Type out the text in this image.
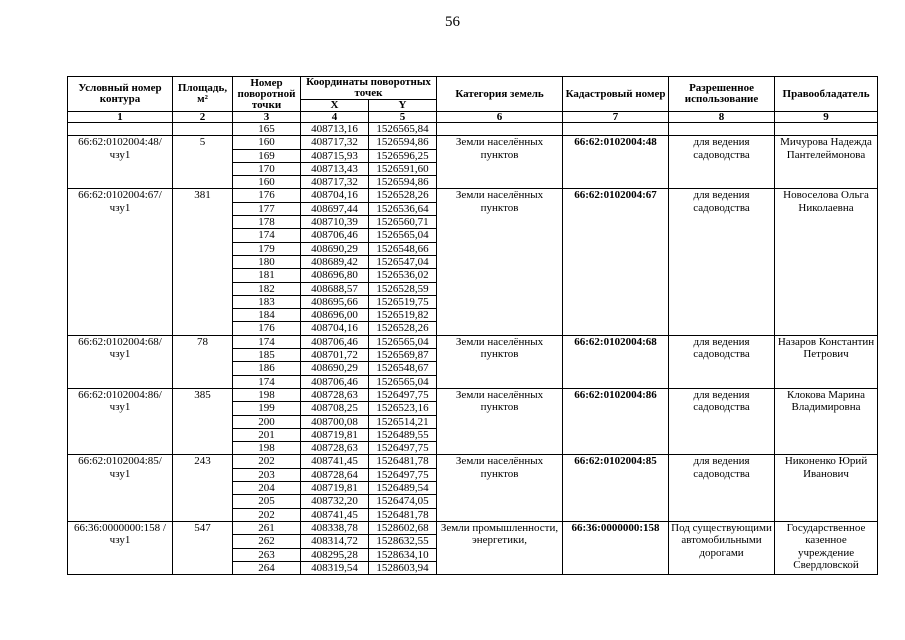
56
Условный номер контура	Площадь, м²	Номер поворотной точки	Координаты поворотных точек		Категория земель	Кадастровый номер	Разрешенное использование	Правообладатель
			X	Y				
1	2	3	4	5	6	7	8	9
		165	408713,16	1526565,84				
66:62:0102004:48/ чзу1	5	160	408717,32	1526594,86	Земли населённых пунктов	66:62:0102004:48	для ведения садоводства	Мичурова Надежда Пантелеймонова
		169	408715,93	1526596,25				
		170	408713,43	1526591,60				
		160	408717,32	1526594,86				
66:62:0102004:67/ чзу1	381	176	408704,16	1526528,26	Земли населённых пунктов	66:62:0102004:67	для ведения садоводства	Новоселова Ольга Николаевна
		177	408697,44	1526536,64				
		178	408710,39	1526560,71				
		174	408706,46	1526565,04				
		179	408690,29	1526548,66				
		180	408689,42	1526547,04				
		181	408696,80	1526536,02				
		182	408688,57	1526528,59				
		183	408695,66	1526519,75				
		184	408696,00	1526519,82				
		176	408704,16	1526528,26				
66:62:0102004:68/ чзу1	78	174	408706,46	1526565,04	Земли населённых пунктов	66:62:0102004:68	для ведения садоводства	Назаров Константин Петрович
		185	408701,72	1526569,87				
		186	408690,29	1526548,67				
		174	408706,46	1526565,04				
66:62:0102004:86/ чзу1	385	198	408728,63	1526497,75	Земли населённых пунктов	66:62:0102004:86	для ведения садоводства	Клокова Марина Владимировна
		199	408708,25	1526523,16				
		200	408700,08	1526514,21				
		201	408719,81	1526489,55				
		198	408728,63	1526497,75				
66:62:0102004:85/ чзу1	243	202	408741,45	1526481,78	Земли населённых пунктов	66:62:0102004:85	для ведения садоводства	Никоненко Юрий Иванович
		203	408728,64	1526497,75				
		204	408719,81	1526489,54				
		205	408732,20	1526474,05				
		202	408741,45	1526481,78				
66:36:0000000:158 /чзу1	547	261	408338,78	1528602,68	Земли промышленности, энергетики,	66:36:0000000:158	Под существующими автомобильными дорогами	Государственное казенное учреждение Свердловской
		262	408314,72	1528632,55				
		263	408295,28	1528634,10				
		264	408319,54	1528603,94				
